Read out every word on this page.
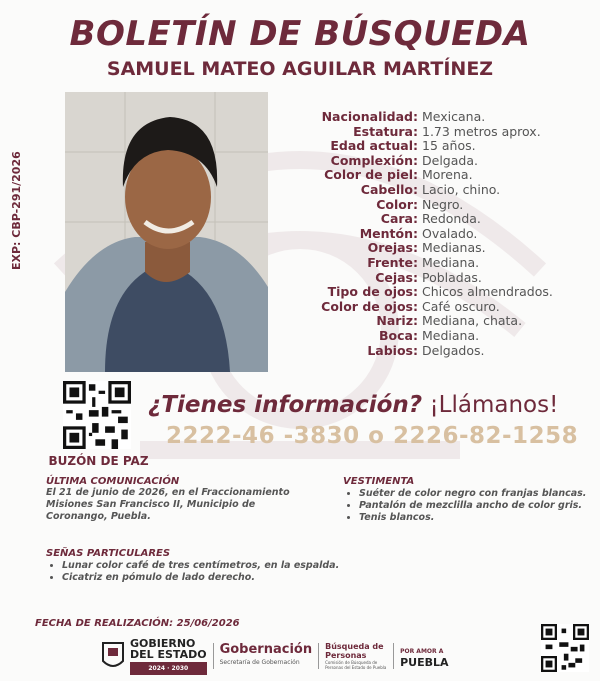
BOLETÍN DE BÚSQUEDA
SAMUEL MATEO AGUILAR MARTÍNEZ
EXP: CBP-291/2026
Nacionalidad: Mexicana.
Estatura: 1.73 metros aprox.
Edad actual: 15 años.
Complexión: Delgada.
Color de piel: Morena.
Cabello: Lacio, chino.
Color: Negro.
Cara: Redonda.
Mentón: Ovalado.
Orejas: Medianas.
Frente: Mediana.
Cejas: Pobladas.
Tipo de ojos: Chicos almendrados.
Color de ojos: Café oscuro.
Nariz: Mediana, chata.
Boca: Mediana.
Labios: Delgados.
BUZÓN DE PAZ
¿Tienes información? ¡Llámanos!
2222-46 -3830 o 2226-82-1258
ÚLTIMA COMUNICACIÓN
El 21 de junio de 2026, en el Fraccionamiento Misiones San Francisco II, Municipio de Coronango, Puebla.
VESTIMENTA
• Suéter de color negro con franjas blancas.
• Pantalón de mezclilla ancho de color gris.
• Tenis blancos.
SEÑAS PARTICULARES
• Lunar color café de tres centímetros, en la espalda.
• Cicatriz en pómulo de lado derecho.
FECHA DE REALIZACIÓN: 25/06/2026
GOBIERNO
DEL ESTADO
2024 · 2030
Gobernación
Secretaría de Gobernación
Búsqueda de Personas
Comisión de Búsqueda de Personas del Estado de Puebla
POR AMOR A
PUEBLA
